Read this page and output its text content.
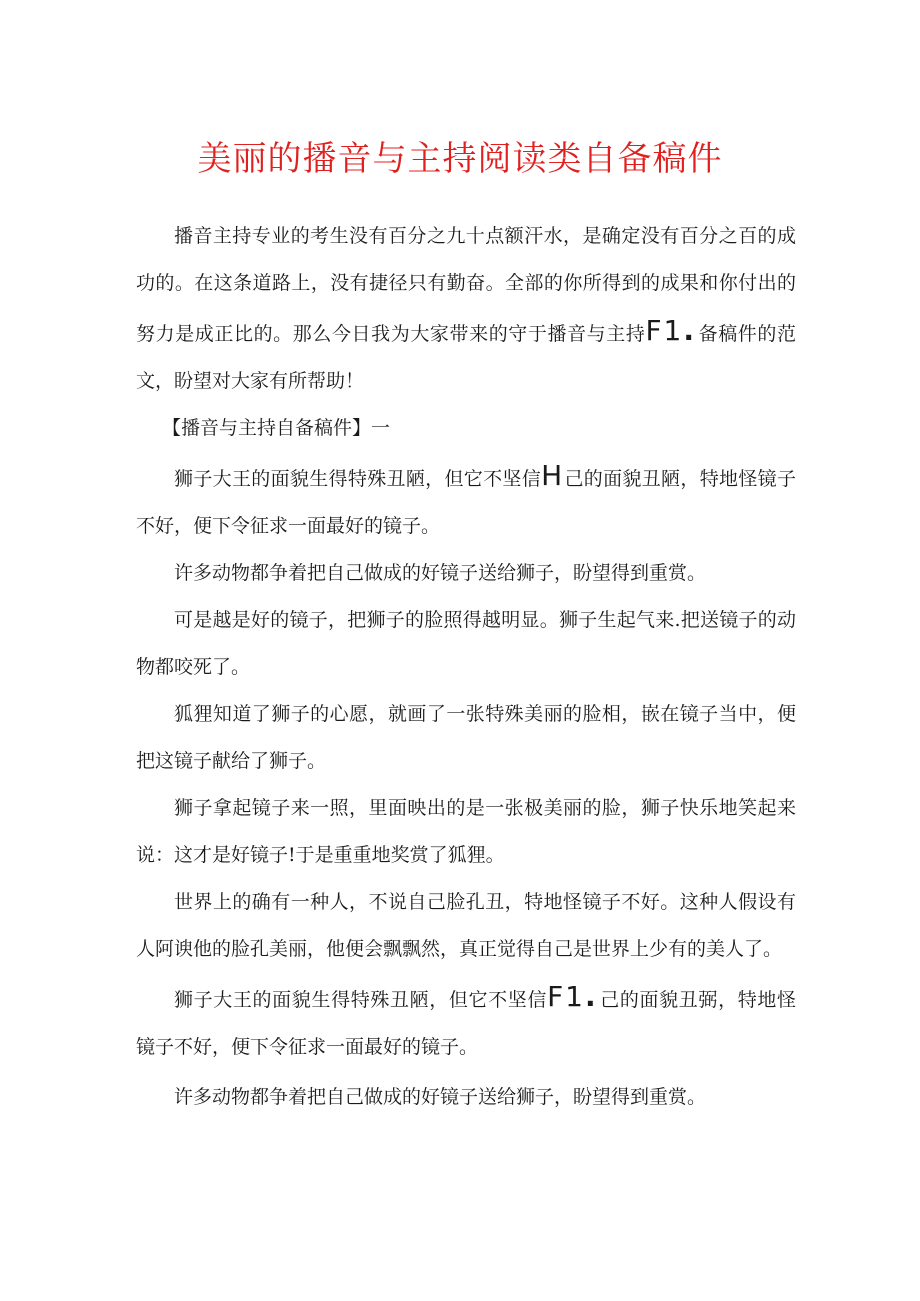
美丽的播音与主持阅读类自备稿件

播音主持专业的考生没有百分之九十点额汗水，是确定没有百分之百的成功的。在这条道路上，没有捷径只有勤奋。全部的你所得到的成果和你付出的努力是成正比的。那么今日我为大家带来的守于播音与主持F1. 备稿件的范文，盼望对大家有所帮助！

【播音与主持自备稿件】一

狮子大王的面貌生得特殊丑陋，但它不坚信H己的面貌丑陋，特地怪镜子不好，便下令征求一面最好的镜子。

许多动物都争着把自己做成的好镜子送给狮子，盼望得到重赏。

可是越是好的镜子，把狮子的脸照得越明显。狮子生起气来.把送镜子的动物都咬死了。

狐狸知道了狮子的心愿，就画了一张特殊美丽的脸相，嵌在镜子当中，便把这镜子献给了狮子。

狮子拿起镜子来一照，里面映出的是一张极美丽的脸，狮子快乐地笑起来说：这才是好镜子!于是重重地奖赏了狐狸。

世界上的确有一种人，不说自己脸孔丑，特地怪镜子不好。这种人假设有人阿谀他的脸孔美丽，他便会飘飘然，真正觉得自己是世界上少有的美人了。

狮子大王的面貌生得特殊丑陋，但它不坚信F1. 己的面貌丑弼，特地怪镜子不好，便下令征求一面最好的镜子。

许多动物都争着把自己做成的好镜子送给狮子，盼望得到重赏。
